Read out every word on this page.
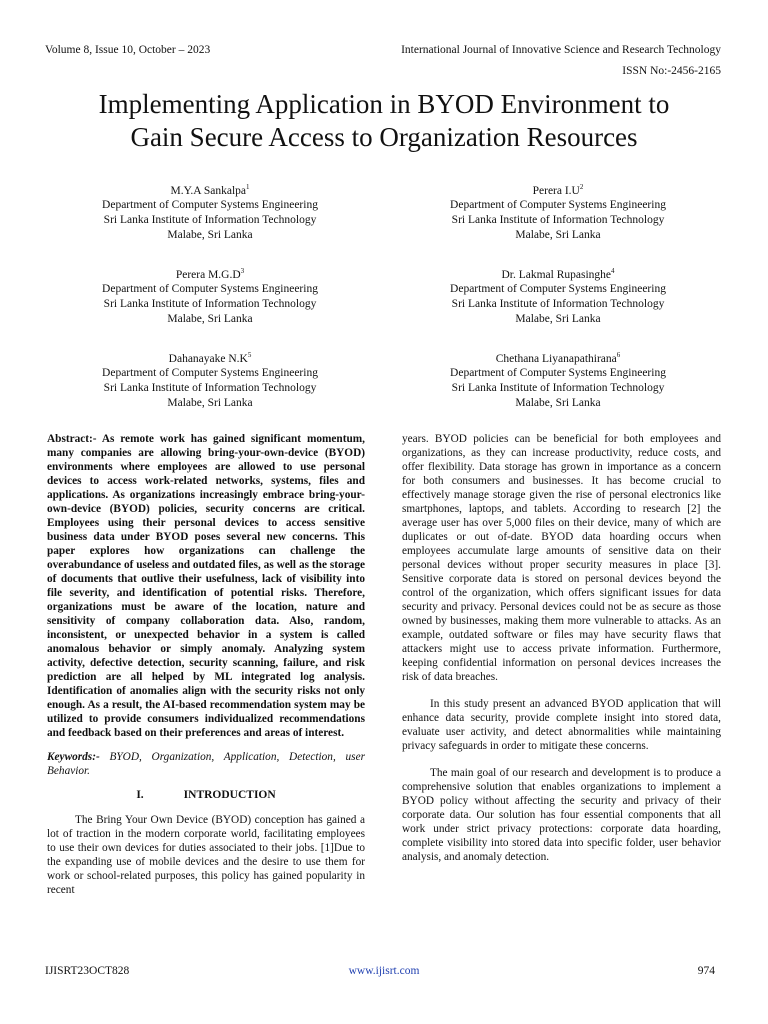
Volume 8, Issue 10, October – 2023	International Journal of Innovative Science and Research Technology
ISSN No:-2456-2165
Implementing Application in BYOD Environment to
Gain Secure Access to Organization Resources
M.Y.A Sankalpa$^1$
Department of Computer Systems Engineering
Sri Lanka Institute of Information Technology
Malabe, Sri Lanka
Perera $I.U^2$
Department of Computer Systems Engineering
Sri Lanka Institute of Information Technology
Malabe, Sri Lanka
Perera $M.G.D^3$
Department of Computer Systems Engineering
Sri Lanka Institute of Information Technology
Malabe, Sri Lanka
Dr. Lakmal Rupasinghe$^4$
Department of Computer Systems Engineering
Sri Lanka Institute of Information Technology
Malabe, Sri Lanka
Dahanayake $N.K^5$
Department of Computer Systems Engineering
Sri Lanka Institute of Information Technology
Malabe, Sri Lanka
Chethana Liyanapathirana$^6$
Department of Computer Systems Engineering
Sri Lanka Institute of Information Technology
Malabe, Sri Lanka

Abstract:- As remote work has gained significant momentum, many companies are allowing bring-your-own-device (BYOD) environments where employees are allowed to use personal devices to access work-related networks, systems, files and applications. As organizations increasingly embrace bring-your-own-device (BYOD) policies, security concerns are critical. Employees using their personal devices to access sensitive business data under BYOD poses several new concerns. This paper explores how organizations can challenge the overabundance of useless and outdated files, as well as the storage of documents that outlive their usefulness, lack of visibility into file severity, and identification of potential risks. Therefore, organizations must be aware of the location, nature and sensitivity of company collaboration data. Also, random, inconsistent, or unexpected behavior in a system is called anomalous behavior or simply anomaly. Analyzing system activity, defective detection, security scanning, failure, and risk prediction are all helped by ML integrated log analysis. Identification of anomalies align with the security risks not only enough. As a result, the AI-based recommendation system may be utilized to provide consumers individualized recommendations and feedback based on their preferences and areas of interest.

Keywords:- BYOD, Organization, Application, Detection, user Behavior.

I.	INTRODUCTION

The Bring Your Own Device (BYOD) conception has gained a lot of traction in the modern corporate world, facilitating employees to use their own devices for duties associated to their jobs. [1]Due to the expanding use of mobile devices and the desire to use them for work or school-related purposes, this policy has gained popularity in recent

years. BYOD policies can be beneficial for both employees and organizations, as they can increase productivity, reduce costs, and offer flexibility. Data storage has grown in importance as a concern for both consumers and businesses. It has become crucial to effectively manage storage given the rise of personal electronics like smartphones, laptops, and tablets. According to research [2] the average user has over 5,000 files on their device, many of which are duplicates or out of-date. BYOD data hoarding occurs when employees accumulate large amounts of sensitive data on their personal devices without proper security measures in place [3]. Sensitive corporate data is stored on personal devices beyond the control of the organization, which offers significant issues for data security and privacy. Personal devices could not be as secure as those owned by businesses, making them more vulnerable to attacks. As an example, outdated software or files may have security flaws that attackers might use to access private information. Furthermore, keeping confidential information on personal devices increases the risk of data breaches.

In this study present an advanced BYOD application that will enhance data security, provide complete insight into stored data, evaluate user activity, and detect abnormalities while maintaining privacy safeguards in order to mitigate these concerns.

The main goal of our research and development is to produce a comprehensive solution that enables organizations to implement a BYOD policy without affecting the security and privacy of their corporate data. Our solution has four essential components that all work under strict privacy protections: corporate data hoarding, complete visibility into stored data into specific folder, user behavior analysis, and anomaly detection.

IJISRT23OCT828	www.ijisrt.com	974
